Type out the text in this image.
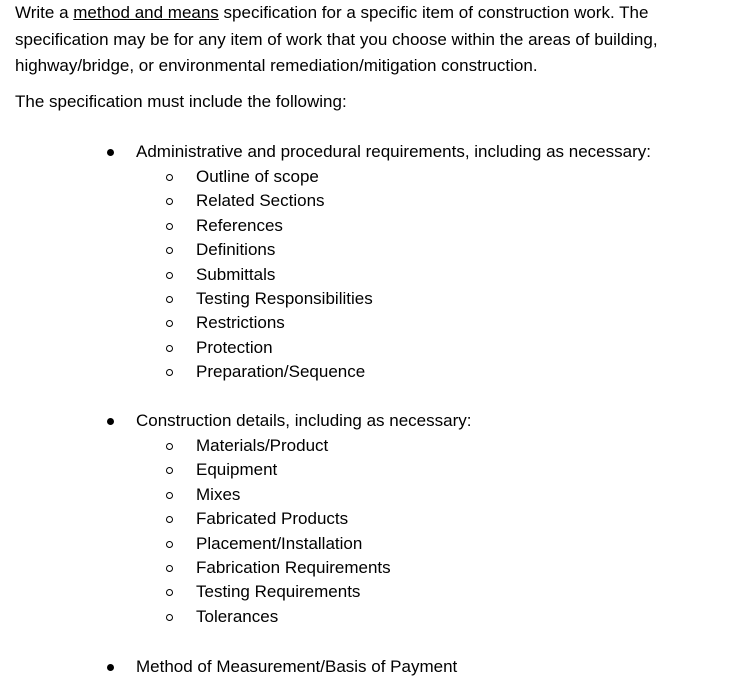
Write a method and means specification for a specific item of construction work. The specification may be for any item of work that you choose within the areas of building, highway/bridge, or environmental remediation/mitigation construction.

The specification must include the following:

Administrative and procedural requirements, including as necessary:
Outline of scope
Related Sections
References
Definitions
Submittals
Testing Responsibilities
Restrictions
Protection
Preparation/Sequence
Construction details, including as necessary:
Materials/Product
Equipment
Mixes
Fabricated Products
Placement/Installation
Fabrication Requirements
Testing Requirements
Tolerances
Method of Measurement/Basis of Payment
